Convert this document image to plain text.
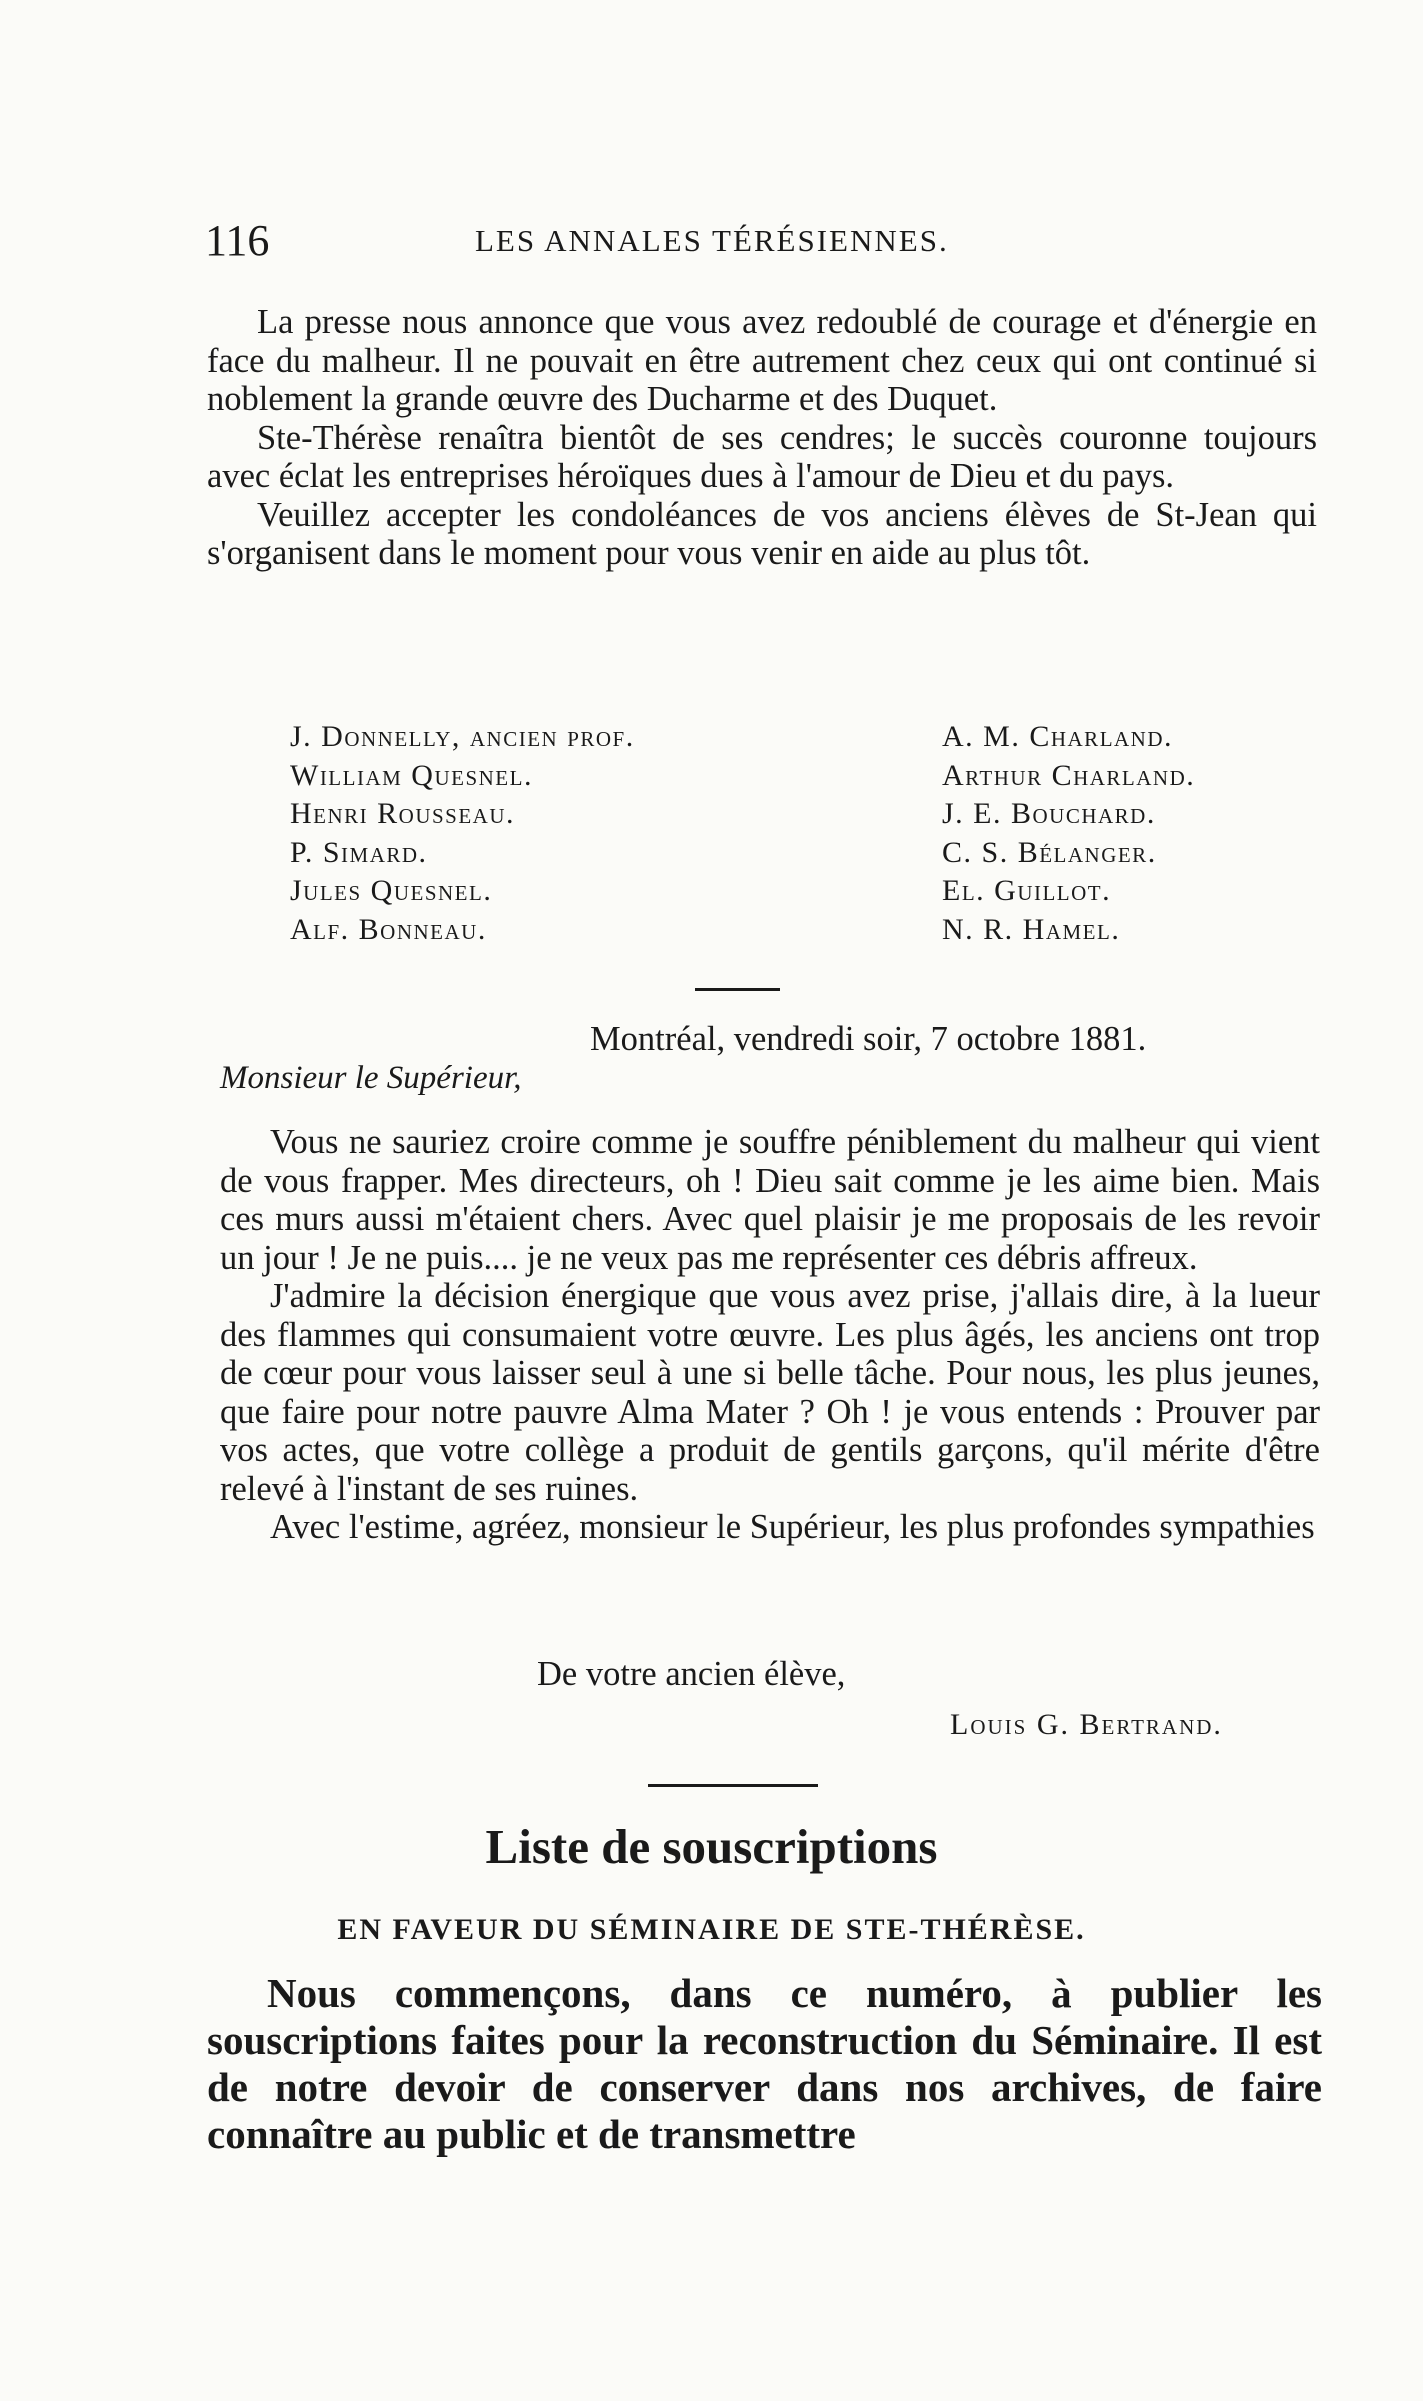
116	LES ANNALES TÉRÉSIENNES.

La presse nous annonce que vous avez redoublé de courage et d'énergie en face du malheur. Il ne pouvait en être autrement chez ceux qui ont continué si noblement la grande œuvre des Ducharme et des Duquet.

Ste-Thérèse renaîtra bientôt de ses cendres; le succès couronne toujours avec éclat les entreprises héroïques dues à l'amour de Dieu et du pays.

Veuillez accepter les condoléances de vos anciens élèves de St-Jean qui s'organisent dans le moment pour vous venir en aide au plus tôt.

J. Donnelly, ancien prof.

William Quesnel.

Henri Rousseau.

P. Simard.

Jules Quesnel.

Alf. Bonneau.

A. M. Charland.

Arthur Charland.

J. E. Bouchard.

C. S. Bélanger.

El. Guillot.

N. R. Hamel.

Montréal, vendredi soir, 7 octobre 1881.
Monsieur le Supérieur,

Vous ne sauriez croire comme je souffre péniblement du malheur qui vient de vous frapper. Mes directeurs, oh ! Dieu sait comme je les aime bien. Mais ces murs aussi m'étaient chers. Avec quel plaisir je me proposais de les revoir un jour ! Je ne puis.... je ne veux pas me représenter ces débris affreux.

J'admire la décision énergique que vous avez prise, j'allais dire, à la lueur des flammes qui consumaient votre œuvre. Les plus âgés, les anciens ont trop de cœur pour vous laisser seul à une si belle tâche. Pour nous, les plus jeunes, que faire pour notre pauvre Alma Mater ? Oh ! je vous entends : Prouver par vos actes, que votre collège a produit de gentils garçons, qu'il mérite d'être relevé à l'instant de ses ruines.

Avec l'estime, agréez, monsieur le Supérieur, les plus profondes sympathies

De votre ancien élève,
Louis G. Bertrand.
Liste de souscriptions
EN FAVEUR DU SÉMINAIRE DE STE-THÉRÈSE.

Nous commençons, dans ce numéro, à publier les souscriptions faites pour la reconstruction du Séminaire. Il est de notre devoir de conserver dans nos archives, de faire connaître au public et de transmettre
